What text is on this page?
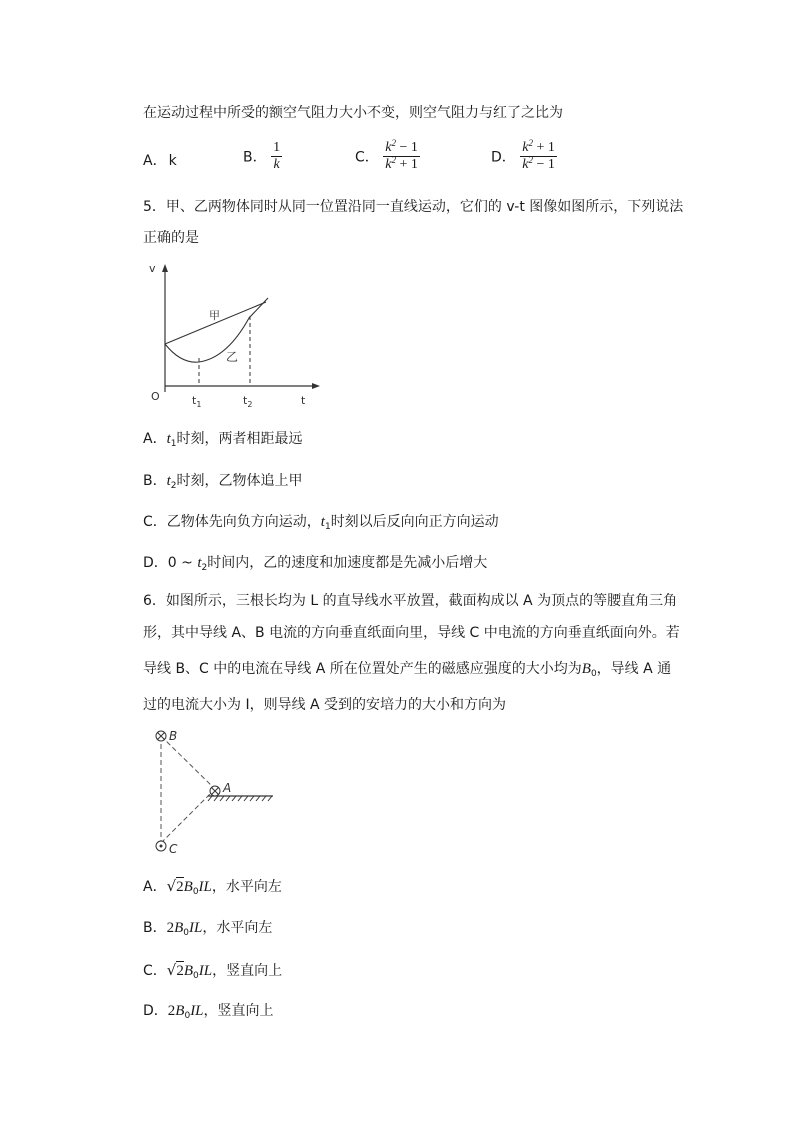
在运动过程中所受的额空气阻力大小不变，则空气阻力与红了之比为
A． k	B． $\frac{1}{k}$	C． $\frac{k^2 - 1}{k^2 + 1}$	D． $\frac{k^2 + 1}{k^2 - 1}$
5．甲、乙两物体同时从同一位置沿同一直线运动，它们的 v-t 图像如图所示，下列说法
正确的是
v
t
O	$t_1$	$t_2$
甲
乙
A．$t_1$时刻，两者相距最远
B．$t_2$时刻，乙物体追上甲
C．乙物体先向负方向运动，$t_1$时刻以后反向向正方向运动
D．0 ~ $t_2$时间内，乙的速度和加速度都是先减小后增大
6．如图所示，三根长均为 L 的直导线水平放置，截面构成以 A 为顶点的等腰直角三角
形，其中导线 A、B 电流的方向垂直纸面向里，导线 C 中电流的方向垂直纸面向外。若
导线 B、C 中的电流在导线 A 所在位置处产生的磁感应强度的大小均为$B_0$，导线 A 通
过的电流大小为 I，则导线 A 受到的安培力的大小和方向为
B
A
C
A．$√2B_0IL$，水平向左
B．$2B_0IL$，水平向左
C．$√2B_0IL$，竖直向上
D．$2B_0IL$，竖直向上
